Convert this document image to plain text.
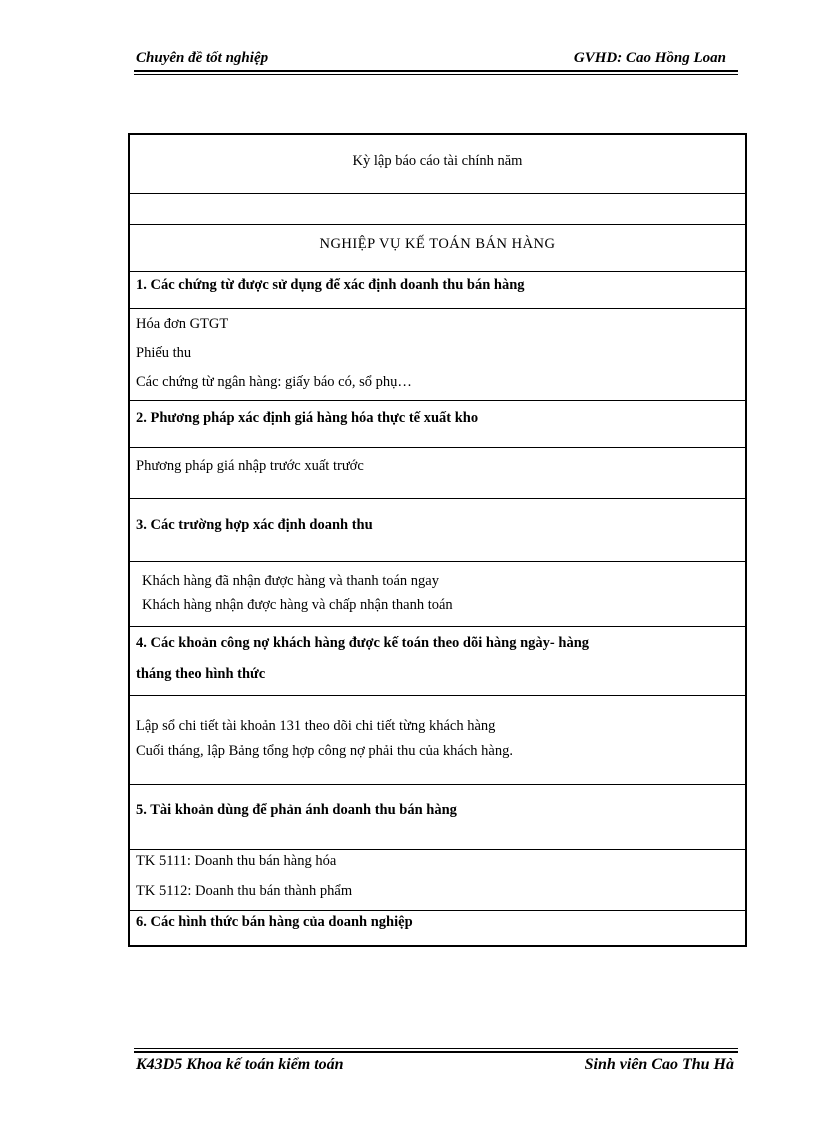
Chuyên đề tốt nghiệp	GVHD: Cao Hồng Loan
Kỳ lập báo cáo tài chính năm

NGHIỆP VỤ KẾ TOÁN BÁN HÀNG

1. Các chứng từ được sử dụng để xác định doanh thu bán hàng

Hóa đơn GTGT
Phiếu thu
Các chứng từ ngân hàng: giấy báo có, sổ phụ…

2. Phương pháp xác định giá hàng hóa thực tế xuất kho

Phương pháp giá nhập trước xuất trước

3. Các trường hợp xác định doanh thu

Khách hàng đã nhận được hàng và thanh toán ngay
Khách hàng nhận được hàng và chấp nhận thanh toán

4. Các khoản công nợ khách hàng được kế toán theo dõi hàng ngày- hàng
tháng theo hình thức

Lập sổ chi tiết tài khoản 131 theo dõi chi tiết từng khách hàng
Cuối tháng, lập Bảng tổng hợp công nợ phải thu của khách hàng.

5. Tài khoản dùng để phản ánh doanh thu bán hàng

TK 5111: Doanh thu bán hàng hóa
TK 5112: Doanh thu bán thành phẩm

6. Các hình thức bán hàng của doanh nghiệp
K43D5 Khoa kế toán kiểm toán	Sinh viên Cao Thu Hà
